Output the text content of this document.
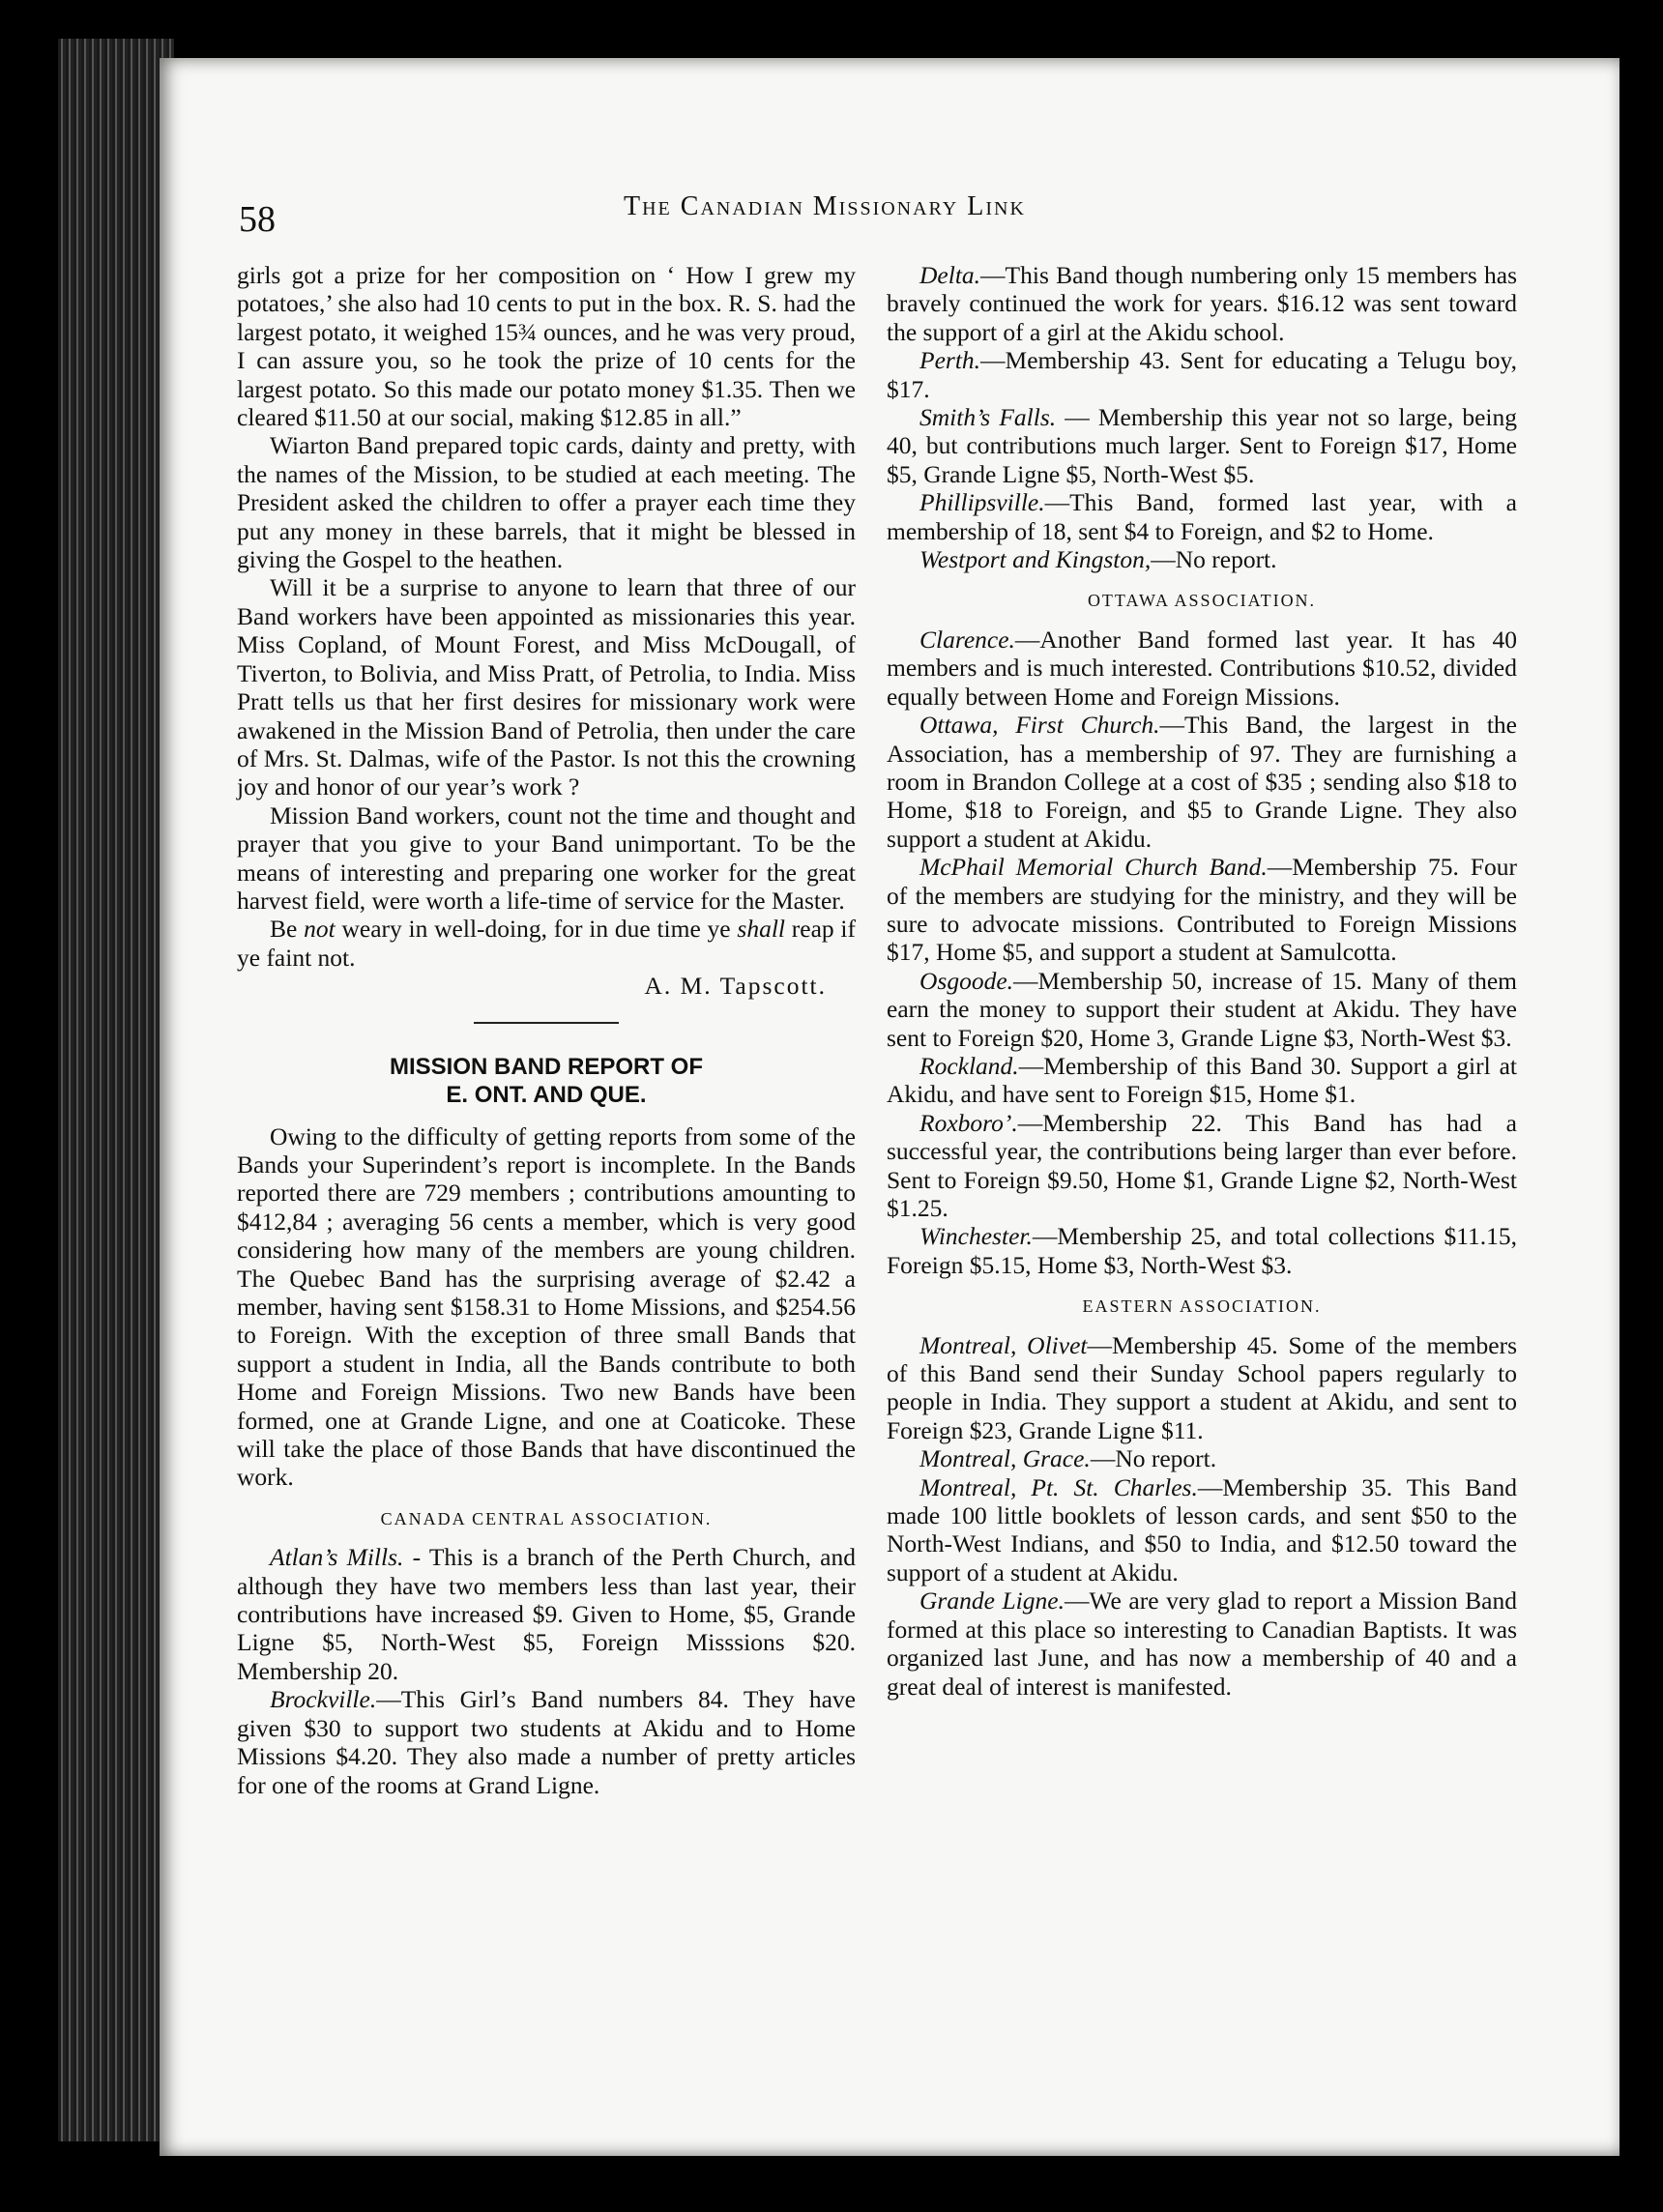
58	The Canadian Missionary Link

girls got a prize for her composition on ‘ How I grew my potatoes,’ she also had 10 cents to put in the box. R. S. had the largest potato, it weighed 15¾ ounces, and he was very proud, I can assure you, so he took the prize of 10 cents for the largest potato. So this made our potato money $1.35. Then we cleared $11.50 at our social, making $12.85 in all.”

Wiarton Band prepared topic cards, dainty and pretty, with the names of the Mission, to be studied at each meeting. The President asked the children to offer a prayer each time they put any money in these barrels, that it might be blessed in giving the Gospel to the heathen.

Will it be a surprise to anyone to learn that three of our Band workers have been appointed as missionaries this year. Miss Copland, of Mount Forest, and Miss McDougall, of Tiverton, to Bolivia, and Miss Pratt, of Petrolia, to India. Miss Pratt tells us that her first desires for missionary work were awakened in the Mission Band of Petrolia, then under the care of Mrs. St. Dalmas, wife of the Pastor. Is not this the crowning joy and honor of our year’s work ?

Mission Band workers, count not the time and thought and prayer that you give to your Band unimportant. To be the means of interesting and preparing one worker for the great harvest field, were worth a life-time of service for the Master.

Be not weary in well-doing, for in due time ye shall reap if ye faint not.

A. M. Tapscott.

MISSION BAND REPORT OF
E. ONT. AND QUE.

Owing to the difficulty of getting reports from some of the Bands your Superindent’s report is incomplete. In the Bands reported there are 729 members ; contributions amounting to $412,84 ; averaging 56 cents a member, which is very good considering how many of the members are young children. The Quebec Band has the surprising average of $2.42 a member, having sent $158.31 to Home Missions, and $254.56 to Foreign. With the exception of three small Bands that support a student in India, all the Bands contribute to both Home and Foreign Missions. Two new Bands have been formed, one at Grande Ligne, and one at Coaticoke. These will take the place of those Bands that have discontinued the work.

CANADA CENTRAL ASSOCIATION.

Atlan’s Mills. - This is a branch of the Perth Church, and although they have two members less than last year, their contributions have increased $9. Given to Home, $5, Grande Ligne $5, North-West $5, Foreign Misssions $20. Membership 20.

Brockville.—This Girl’s Band numbers 84. They have given $30 to support two students at Akidu and to Home Missions $4.20. They also made a number of pretty articles for one of the rooms at Grand Ligne.

Delta.—This Band though numbering only 15 members has bravely continued the work for years. $16.12 was sent toward the support of a girl at the Akidu school.

Perth.—Membership 43. Sent for educating a Telugu boy, $17.

Smith’s Falls. — Membership this year not so large, being 40, but contributions much larger. Sent to Foreign $17, Home $5, Grande Ligne $5, North-West $5.

Phillipsville.—This Band, formed last year, with a membership of 18, sent $4 to Foreign, and $2 to Home.

Westport and Kingston,—No report.

OTTAWA ASSOCIATION.

Clarence.—Another Band formed last year. It has 40 members and is much interested. Contributions $10.52, divided equally between Home and Foreign Missions.

Ottawa, First Church.—This Band, the largest in the Association, has a membership of 97. They are furnishing a room in Brandon College at a cost of $35 ; sending also $18 to Home, $18 to Foreign, and $5 to Grande Ligne. They also support a student at Akidu.

McPhail Memorial Church Band.—Membership 75. Four of the members are studying for the ministry, and they will be sure to advocate missions. Contributed to Foreign Missions $17, Home $5, and support a student at Samulcotta.

Osgoode.—Membership 50, increase of 15. Many of them earn the money to support their student at Akidu. They have sent to Foreign $20, Home 3, Grande Ligne $3, North-West $3.

Rockland.—Membership of this Band 30. Support a girl at Akidu, and have sent to Foreign $15, Home $1.

Roxboro’.—Membership 22. This Band has had a successful year, the contributions being larger than ever before. Sent to Foreign $9.50, Home $1, Grande Ligne $2, North-West $1.25.

Winchester.—Membership 25, and total collections $11.15, Foreign $5.15, Home $3, North-West $3.

EASTERN ASSOCIATION.

Montreal, Olivet—Membership 45. Some of the members of this Band send their Sunday School papers regularly to people in India. They support a student at Akidu, and sent to Foreign $23, Grande Ligne $11.

Montreal, Grace.—No report.

Montreal, Pt. St. Charles.—Membership 35. This Band made 100 little booklets of lesson cards, and sent $50 to the North-West Indians, and $50 to India, and $12.50 toward the support of a student at Akidu.

Grande Ligne.—We are very glad to report a Mission Band formed at this place so interesting to Canadian Baptists. It was organized last June, and has now a membership of 40 and a great deal of interest is manifested.
